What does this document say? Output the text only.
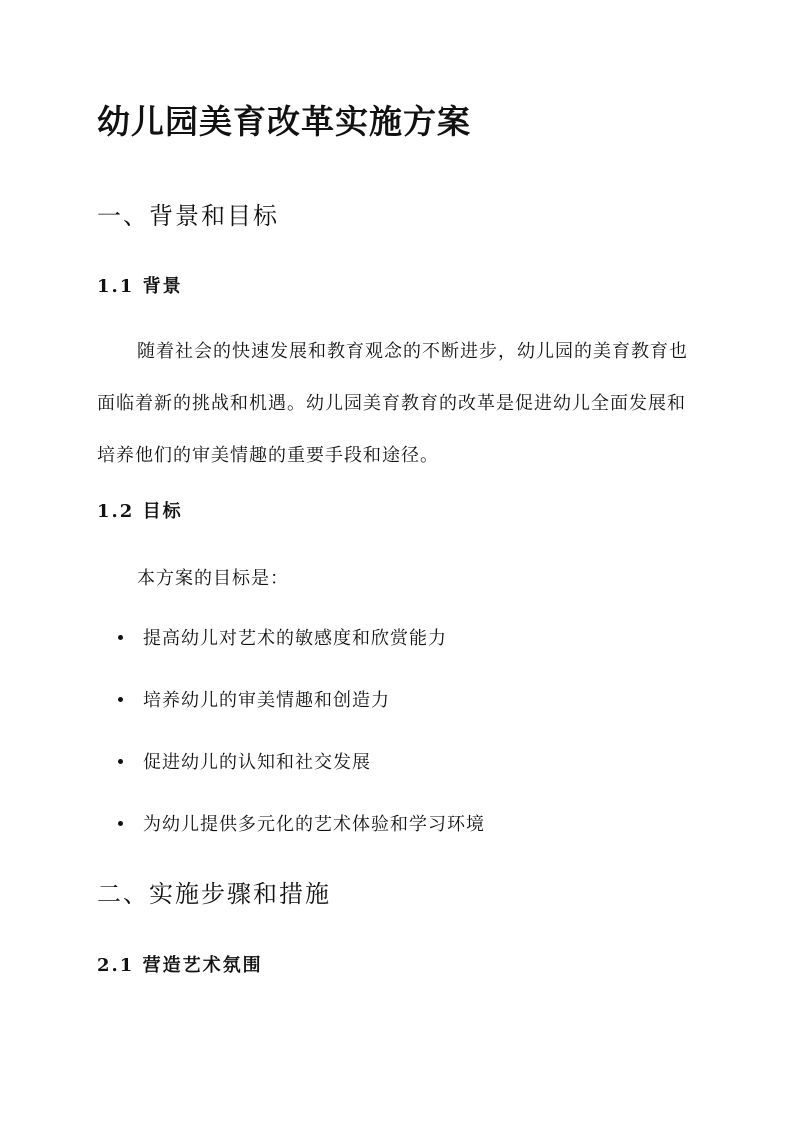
幼儿园美育改革实施方案
一、背景和目标
1.1 背景

随着社会的快速发展和教育观念的不断进步，幼儿园的美育教育也面临着新的挑战和机遇。幼儿园美育教育的改革是促进幼儿全面发展和培养他们的审美情趣的重要手段和途径。

1.2 目标

本方案的目标是：

提高幼儿对艺术的敏感度和欣赏能力
培养幼儿的审美情趣和创造力
促进幼儿的认知和社交发展
为幼儿提供多元化的艺术体验和学习环境
二、实施步骤和措施
2.1 营造艺术氛围
